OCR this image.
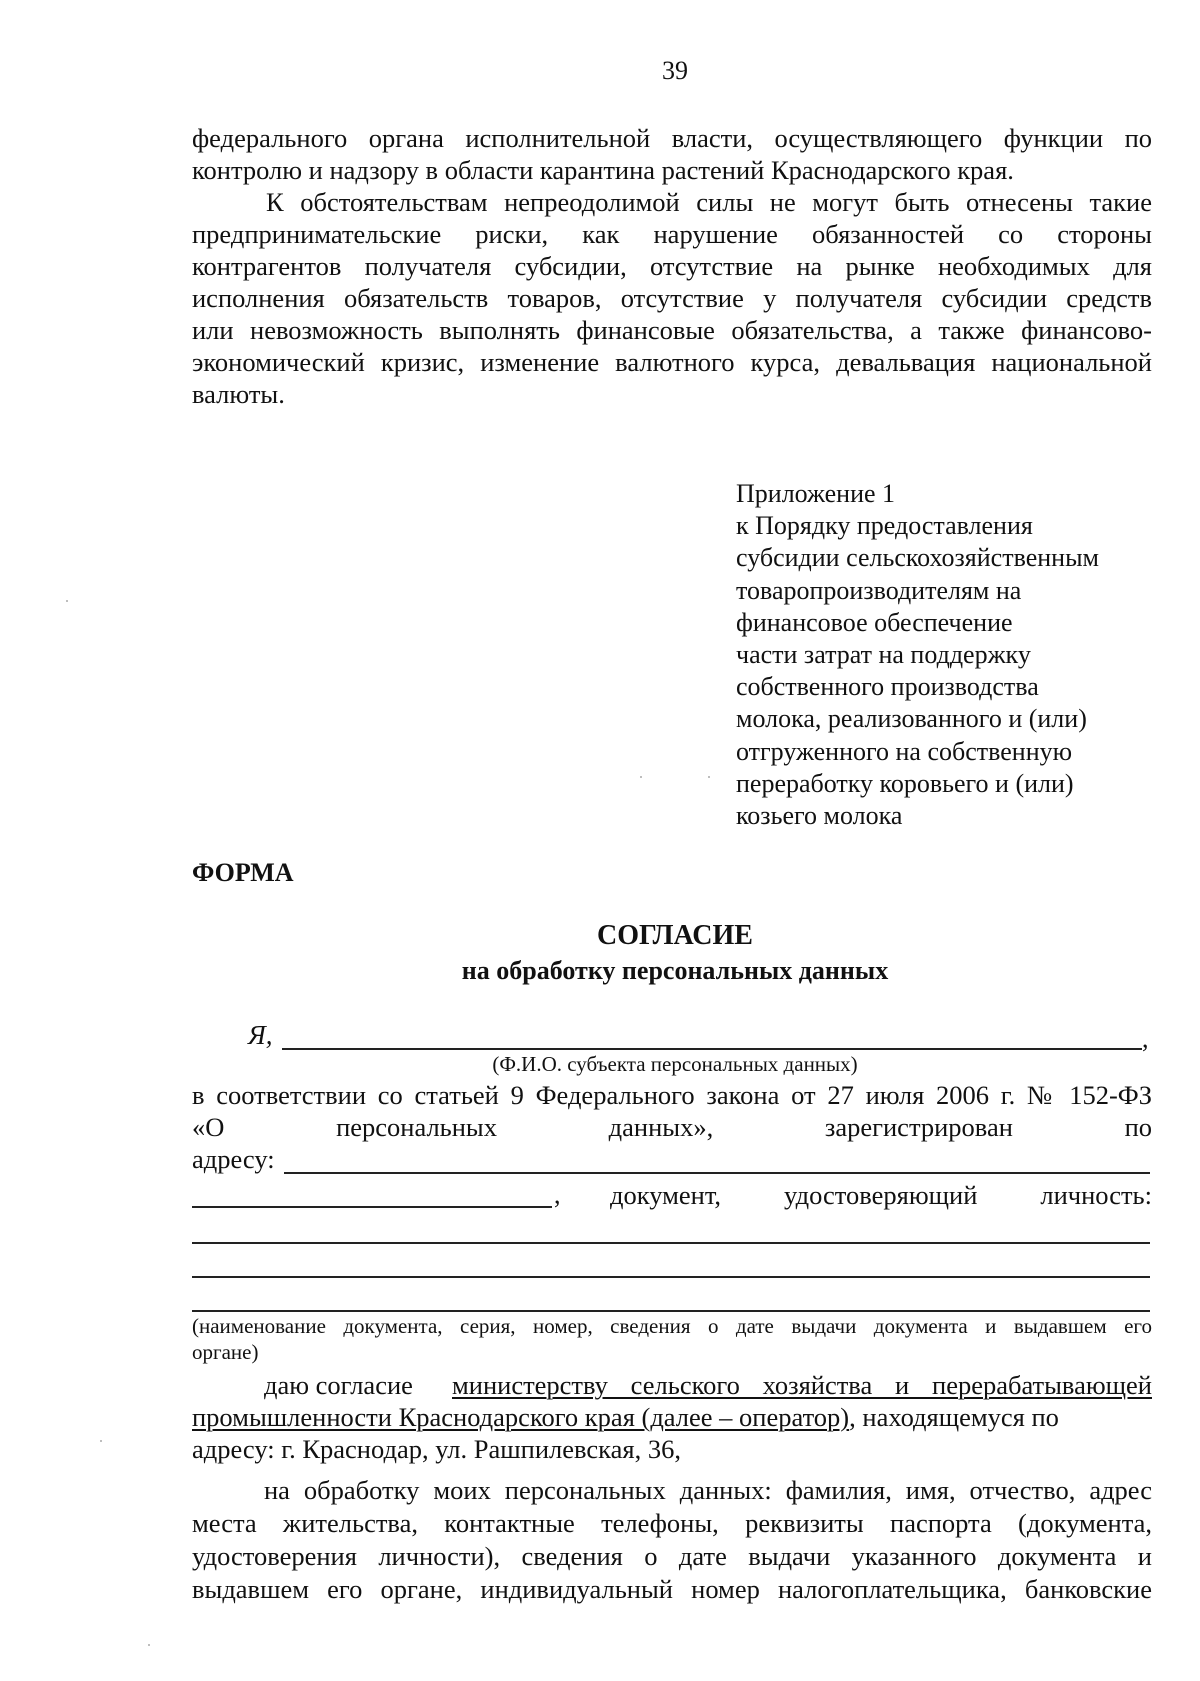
39
федерального органа исполнительной власти, осуществляющего функции по
контролю и надзору в области карантина растений Краснодарского края.
К обстоятельствам непреодолимой силы не могут быть отнесены такие
предпринимательские риски, как нарушение обязанностей со стороны
контрагентов получателя субсидии, отсутствие на рынке необходимых для
исполнения обязательств товаров, отсутствие у получателя субсидии средств
или невозможность выполнять финансовые обязательства, а также финансово-
экономический кризис, изменение валютного курса, девальвация национальной
валюты.
Приложение 1
к Порядку предоставления
субсидии сельскохозяйственным
товаропроизводителям на
финансовое обеспечение
части затрат на поддержку
собственного производства
молока, реализованного и (или)
отгруженного на собственную
переработку коровьего и (или)
козьего молока
ФОРМА
СОГЛАСИЕ
на обработку персональных данных
Я,	,
(Ф.И.О. субъекта персональных данных)
в соответствии со статьей 9 Федерального закона от 27 июля 2006 г. № 152-ФЗ
«О	персональных	данных»,	зарегистрирован	по
адресу:
, документ, удостоверяющий личность:
(наименование документа, серия, номер, сведения о дате выдачи документа и выдавшем его
органе)
даю согласие министерству сельского хозяйства и перерабатывающей
промышленности Краснодарского края (далее – оператор), находящемуся по
адресу: г. Краснодар, ул. Рашпилевская, 36,
на обработку моих персональных данных: фамилия, имя, отчество, адрес
места жительства, контактные телефоны, реквизиты паспорта (документа,
удостоверения личности), сведения о дате выдачи указанного документа и
выдавшем его органе, индивидуальный номер налогоплательщика, банковские
